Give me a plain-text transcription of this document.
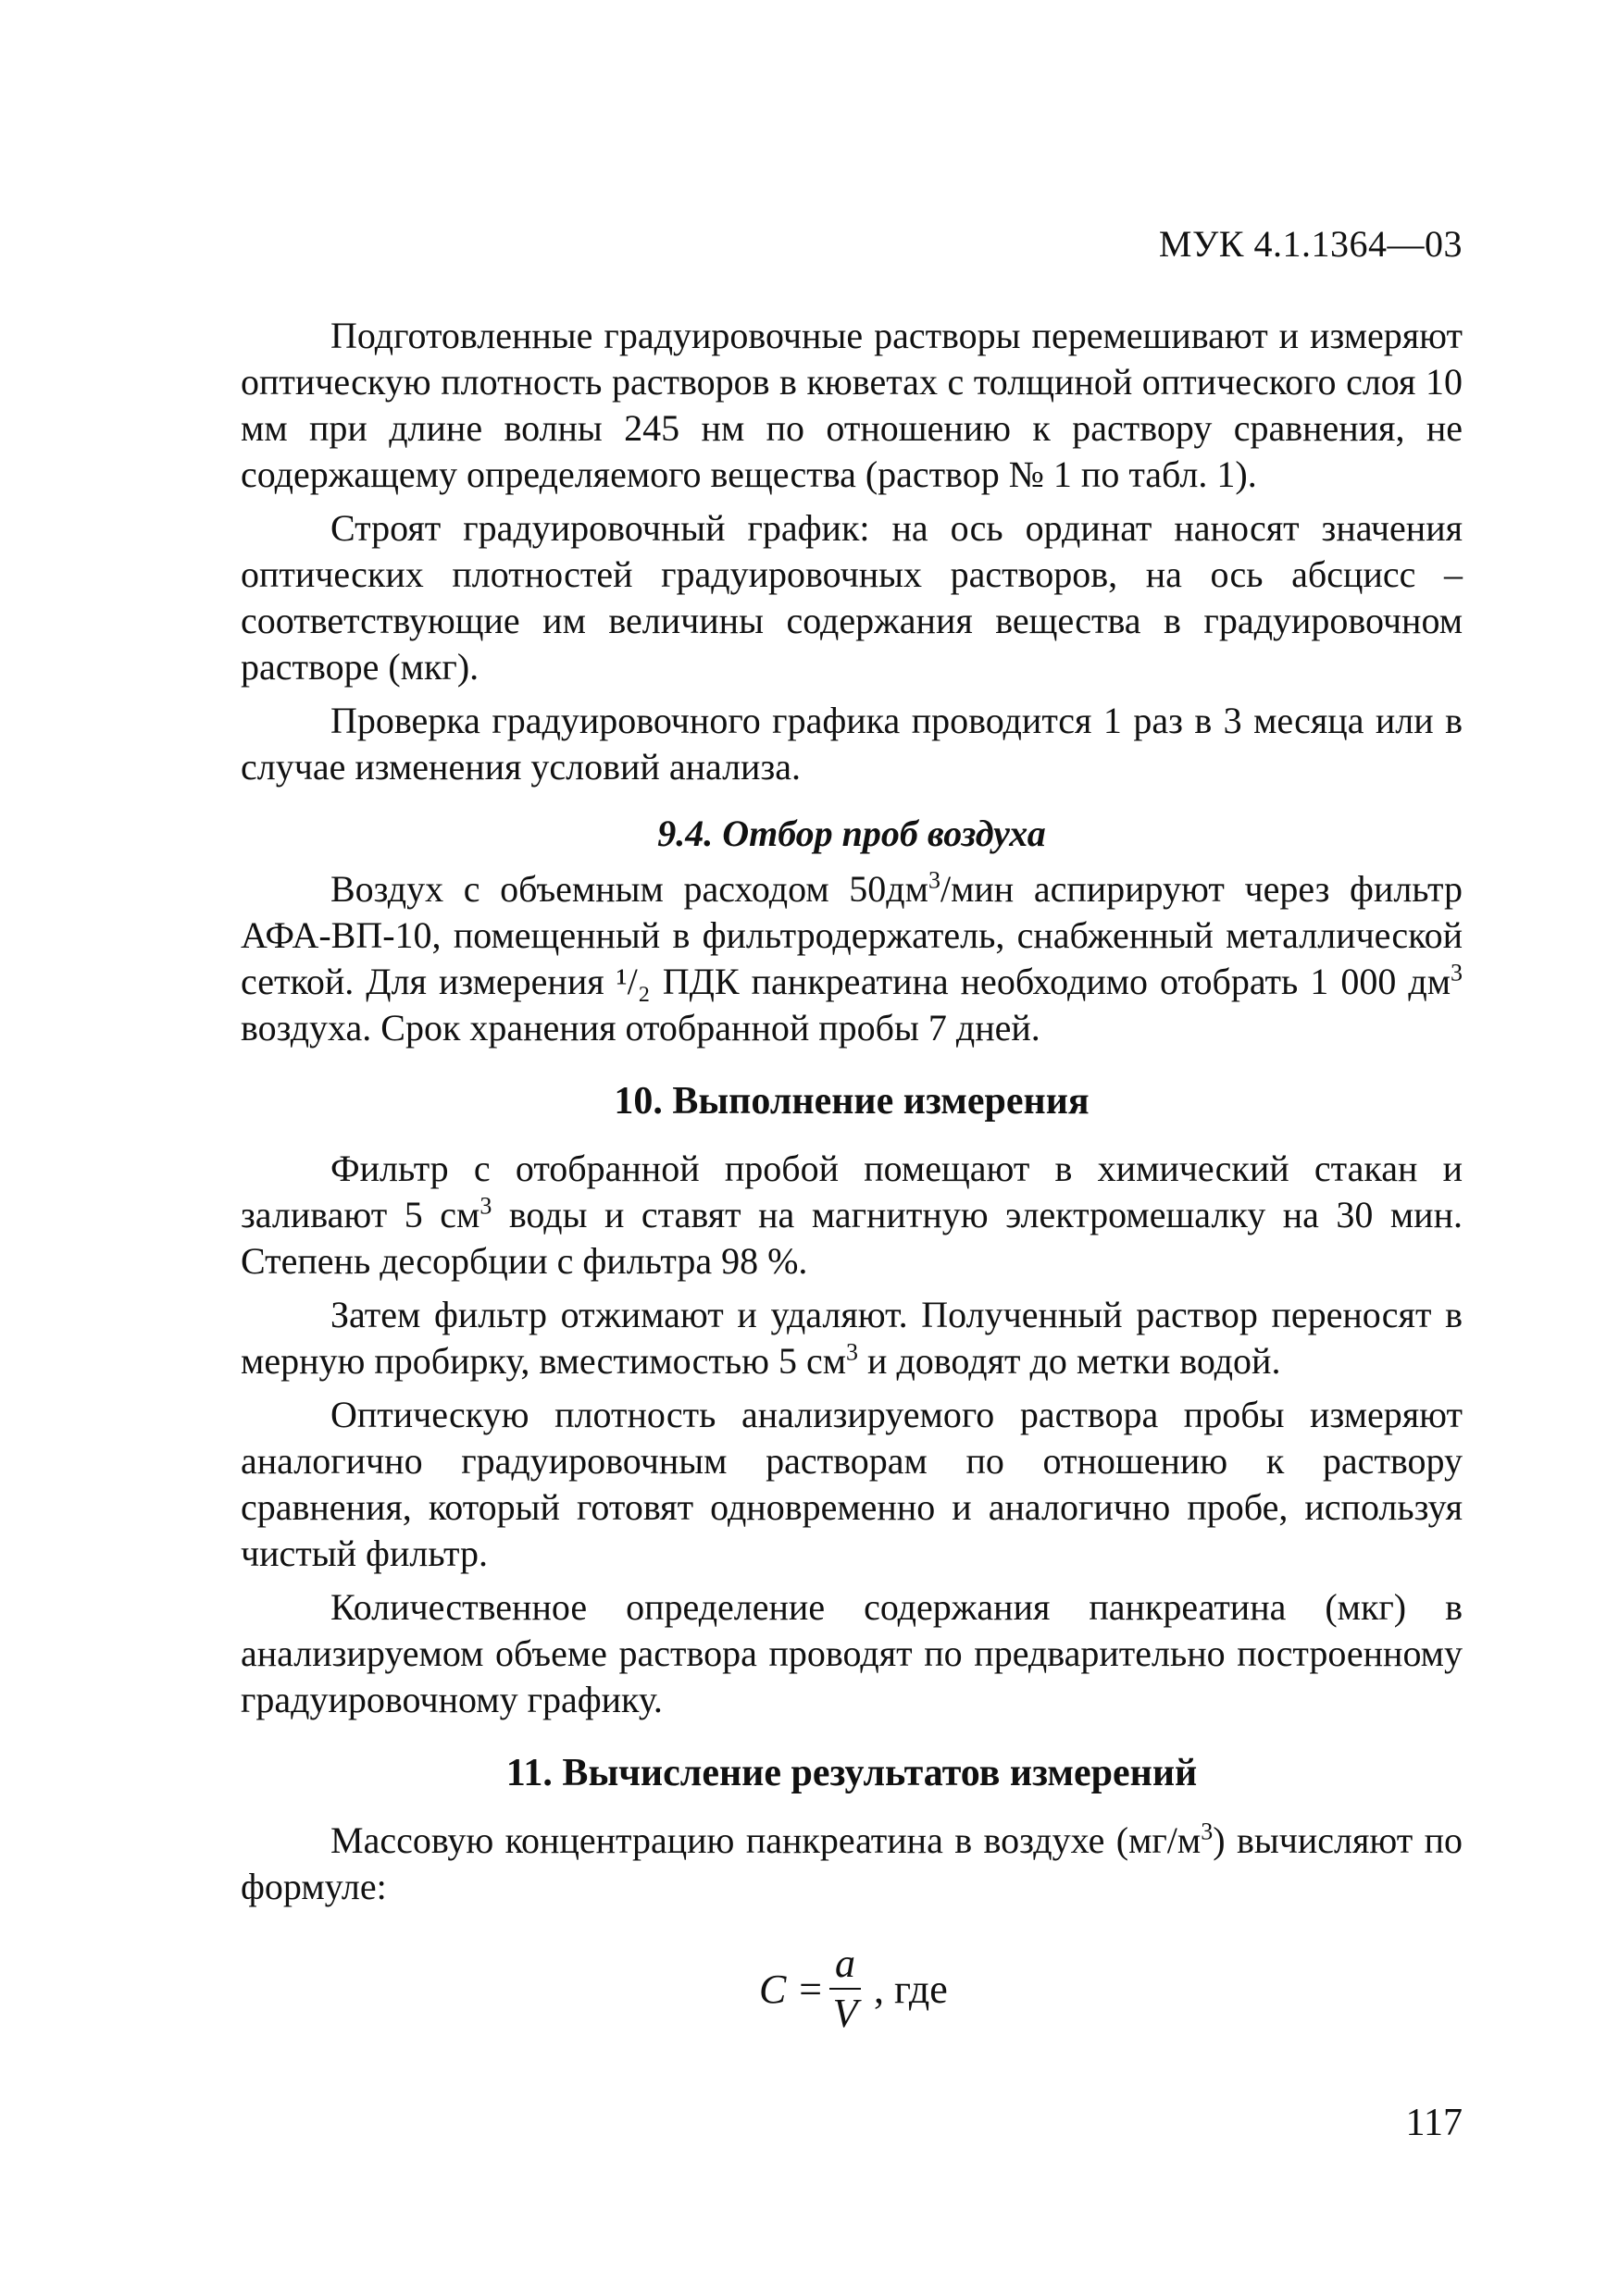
МУК 4.1.1364—03

Подготовленные градуировочные растворы перемешивают и измеряют оптическую плотность растворов в кюветах с толщиной оптического слоя 10 мм при длине волны 245 нм по отношению к раствору сравнения, не содержащему определяемого вещества (раствор № 1 по табл. 1).

Строят градуировочный график: на ось ординат наносят значения оптических плотностей градуировочных растворов, на ось абсцисс – соответствующие им величины содержания вещества в градуировочном растворе (мкг).

Проверка градуировочного графика проводится 1 раз в 3 месяца или в случае изменения условий анализа.

9.4. Отбор проб воздуха

Воздух с объемным расходом $50дм^3$/мин аспирируют через фильтр АФА-ВП-10, помещенный в фильтродержатель, снабженный металлической сеткой. Для измерения ¹/₂ ПДК панкреатина необходимо отобрать 1 000 $дм^3$ воздуха. Срок хранения отобранной пробы 7 дней.

10. Выполнение измерения

Фильтр с отобранной пробой помещают в химический стакан и заливают 5 $см^3$ воды и ставят на магнитную электромешалку на 30 мин. Степень десорбции с фильтра 98 %.

Затем фильтр отжимают и удаляют. Полученный раствор переносят в мерную пробирку, вместимостью 5 $см^3$ и доводят до метки водой.

Оптическую плотность анализируемого раствора пробы измеряют аналогично градуировочным растворам по отношению к раствору сравнения, который готовят одновременно и аналогично пробе, используя чистый фильтр.

Количественное определение содержания панкреатина (мкг) в анализируемом объеме раствора проводят по предварительно построенному градуировочному графику.

11. Вычисление результатов измерений

Массовую концентрацию панкреатина в воздухе $(мг/м^3)$ вычисляют по формуле:

$C = \frac{a}{V}$ , где
117
